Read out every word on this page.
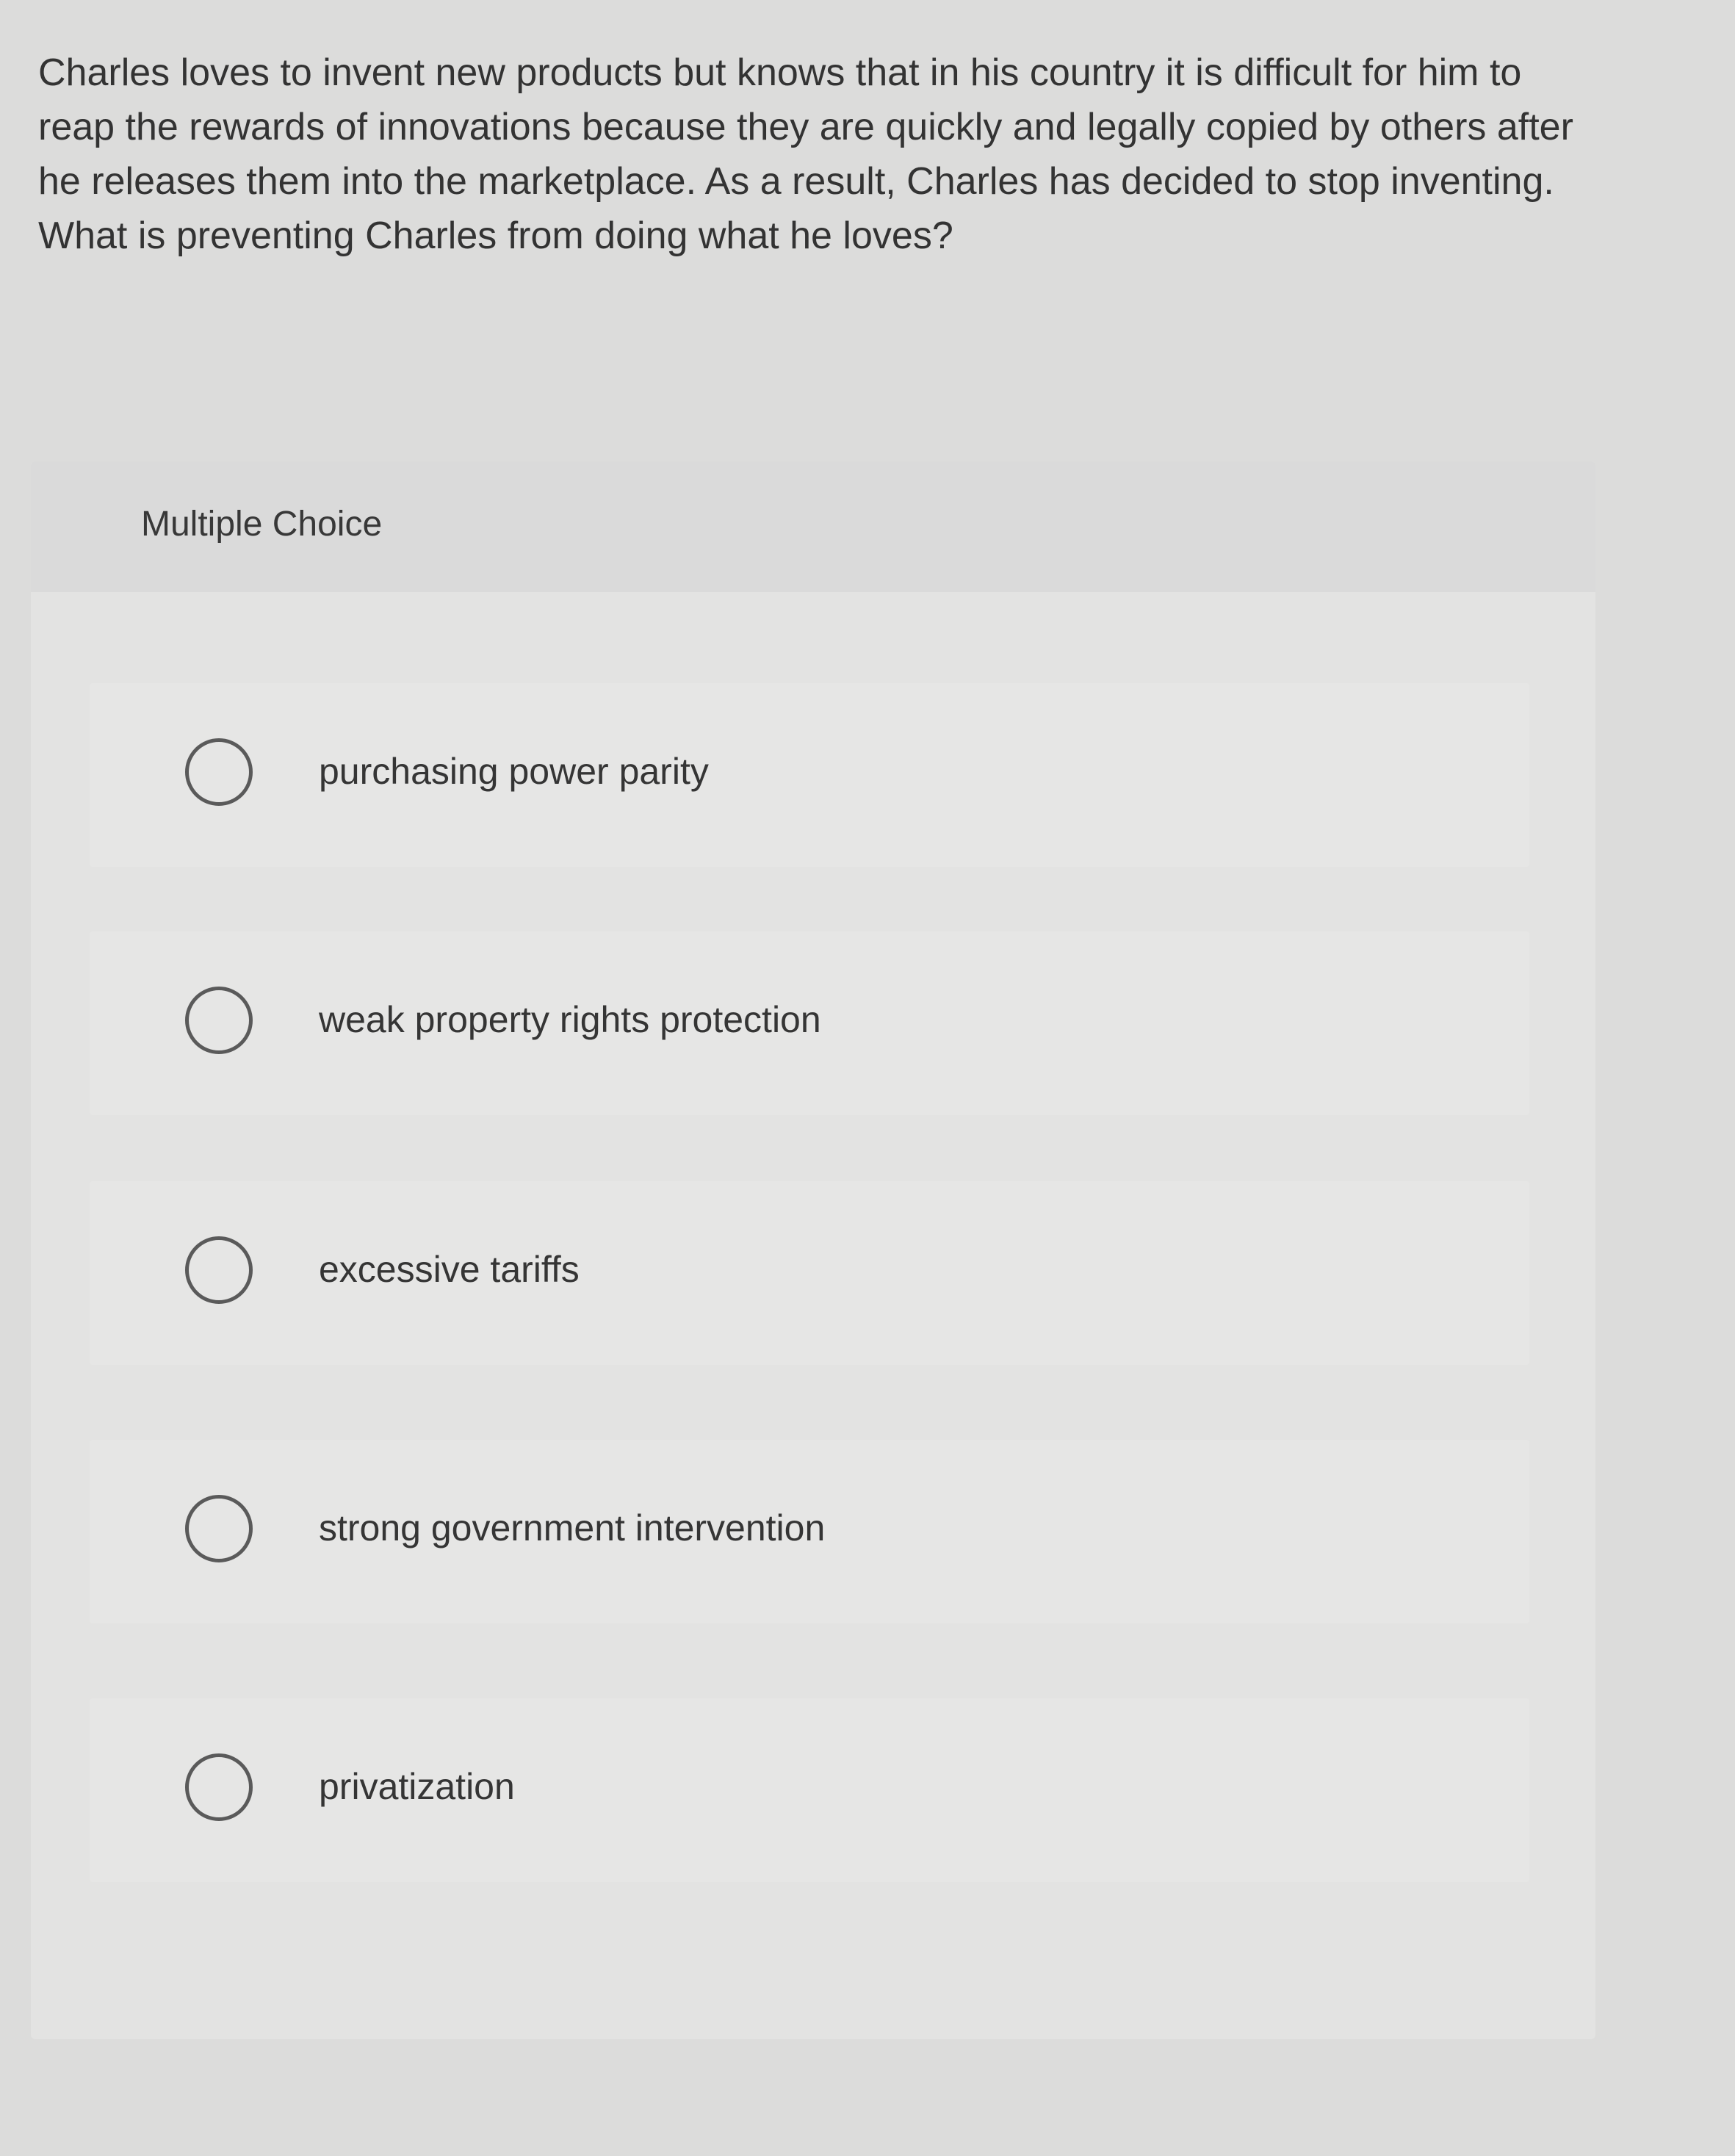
Charles loves to invent new products but knows that in his country it is difficult for him to reap the rewards of innovations because they are quickly and legally copied by others after he releases them into the marketplace. As a result, Charles has decided to stop inventing. What is preventing Charles from doing what he loves?

Multiple Choice
purchasing power parity
weak property rights protection
excessive tariffs
strong government intervention
privatization
